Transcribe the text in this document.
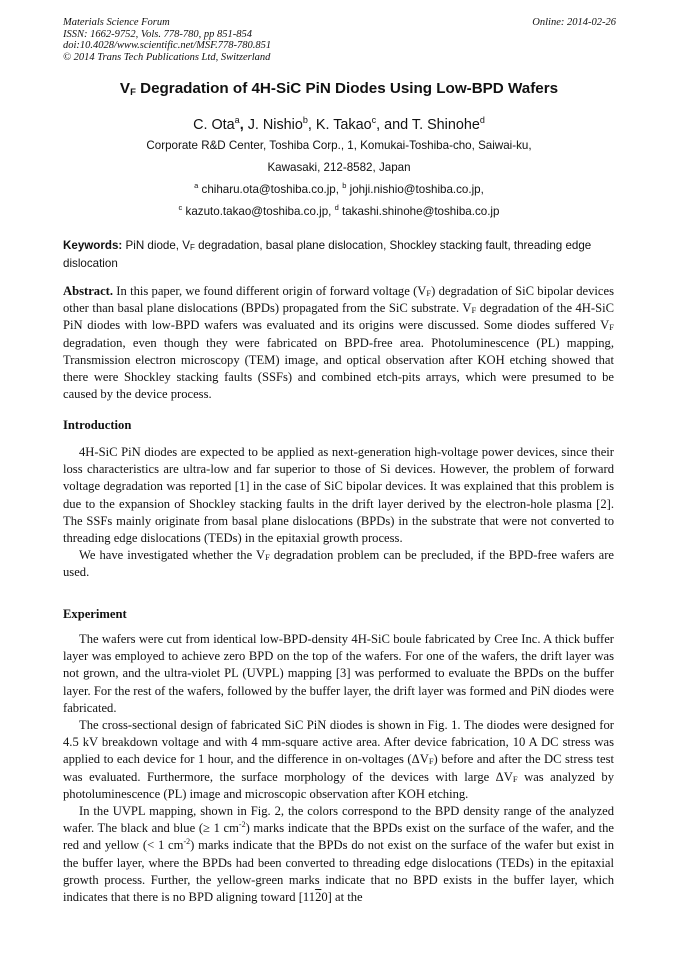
Materials Science Forum
ISSN: 1662-9752, Vols. 778-780, pp 851-854
doi:10.4028/www.scientific.net/MSF.778-780.851
© 2014 Trans Tech Publications Ltd, Switzerland
Online: 2014-02-26
$V_F$ Degradation of 4H-SiC PiN Diodes Using Low-BPD Wafers
C. Ota$^a$, J. Nishio$^b$, K. Takao$^c$, and T. Shinohe$^d$
Corporate R&D Center, Toshiba Corp., 1, Komukai-Toshiba-cho, Saiwai-ku,
Kawasaki, 212-8582, Japan
$^a$ chiharu.ota@toshiba.co.jp, $^b$ johji.nishio@toshiba.co.jp,
$^c$ kazuto.takao@toshiba.co.jp, $^d$ takashi.shinohe@toshiba.co.jp
Keywords: PiN diode, $V_F$ degradation, basal plane dislocation, Shockley stacking fault, threading edge dislocation

Abstract. In this paper, we found different origin of forward voltage $(V_F)$ degradation of SiC bipolar devices other than basal plane dislocations (BPDs) propagated from the SiC substrate. $V_F$ degradation of the 4H-SiC PiN diodes with low-BPD wafers was evaluated and its origins were discussed. Some diodes suffered $V_F$ degradation, even though they were fabricated on BPD-free area. Photoluminescence (PL) mapping, Transmission electron microscopy (TEM) image, and optical observation after KOH etching showed that there were Shockley stacking faults (SSFs) and combined etch-pits arrays, which were presumed to be caused by the device process.

Introduction

4H-SiC PiN diodes are expected to be applied as next-generation high-voltage power devices, since their loss characteristics are ultra-low and far superior to those of Si devices. However, the problem of forward voltage degradation was reported [1] in the case of SiC bipolar devices. It was explained that this problem is due to the expansion of Shockley stacking faults in the drift layer derived by the electron-hole plasma [2]. The SSFs mainly originate from basal plane dislocations (BPDs) in the substrate that were not converted to threading edge dislocations (TEDs) in the epitaxial growth process.

We have investigated whether the $V_F$ degradation problem can be precluded, if the BPD-free wafers are used.

Experiment

The wafers were cut from identical low-BPD-density 4H-SiC boule fabricated by Cree Inc. A thick buffer layer was employed to achieve zero BPD on the top of the wafers. For one of the wafers, the drift layer was not grown, and the ultra-violet PL (UVPL) mapping [3] was performed to evaluate the BPDs on the buffer layer. For the rest of the wafers, followed by the buffer layer, the drift layer was formed and PiN diodes were fabricated.

The cross-sectional design of fabricated SiC PiN diodes is shown in Fig. 1. The diodes were designed for 4.5 kV breakdown voltage and with 4 mm-square active area. After device fabrication, 10 A DC stress was applied to each device for 1 hour, and the difference in on-voltages $(\Delta V_F)$ before and after the DC stress test was evaluated. Furthermore, the surface morphology of the devices with large $\Delta V_F$ was analyzed by photoluminescence (PL) image and microscopic observation after KOH etching.

In the UVPL mapping, shown in Fig. 2, the colors correspond to the BPD density range of the analyzed wafer. The black and blue (≥ 1 $cm^{-2}$) marks indicate that the BPDs exist on the surface of the wafer, and the red and yellow (< 1 $cm^{-2}$) marks indicate that the BPDs do not exist on the surface of the wafer but exist in the buffer layer, where the BPDs had been converted to threading edge dislocations (TEDs) in the epitaxial growth process. Further, the yellow-green marks indicate that no BPD exists in the buffer layer, which indicates that there is no BPD aligning toward [1120] at the
